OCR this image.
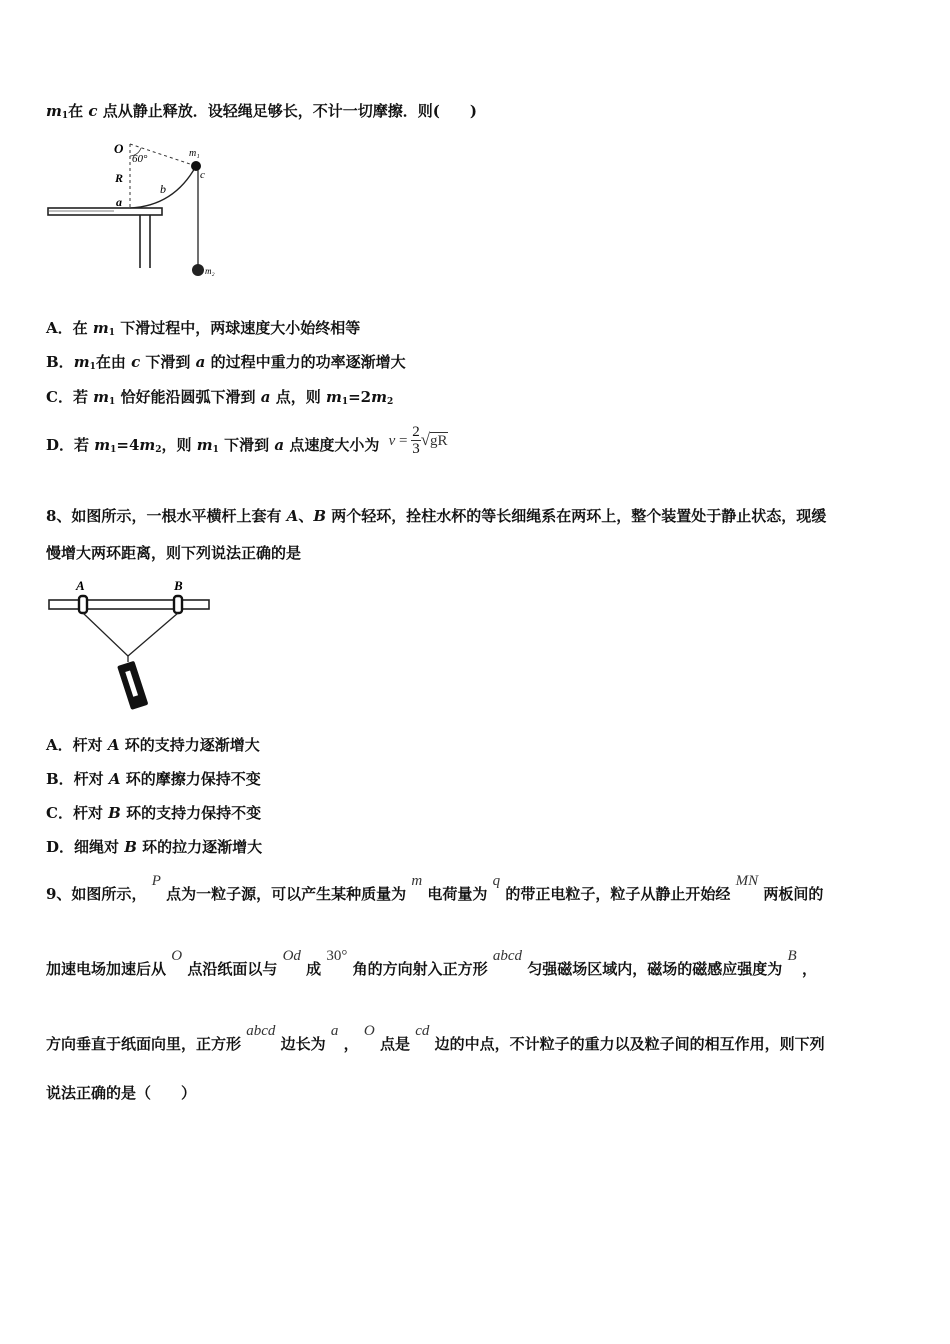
$m_1$在 c 点从静止释放．设轻绳足够长，不计一切摩擦．则(　　)
O
60°
R
b
a
m₁
c
m₂
A．在 $m_1$ 下滑过程中，两球速度大小始终相等
B．$m_1$在由 c 下滑到 a 的过程中重力的功率逐渐增大
C．若 $m_1$ 恰好能沿圆弧下滑到 a 点，则 $m_1=2m_2$
D．若 $m_1=4m_2$，则 $m_1$ 下滑到 a 点速度大小为 $v = \frac{2}{3} √gR$
8、如图所示，一根水平横杆上套有 A、B 两个轻环，拴柱水杯的等长细绳系在两环上，整个装置处于静止状态，现缓
慢增大两环距离，则下列说法正确的是
A	B
A．杆对 A 环的支持力逐渐增大
B．杆对 A 环的摩擦力保持不变
C．杆对 B 环的支持力保持不变
D．细绳对 B 环的拉力逐渐增大
9、如图所示， P 点为一粒子源，可以产生某种质量为 m 电荷量为 q 的带正电粒子，粒子从静止开始经 MN 两板间的
加速电场加速后从 O 点沿纸面以与 Od 成 30° 角的方向射入正方形 abcd 匀强磁场区域内，磁场的磁感应强度为 B ，
方向垂直于纸面向里，正方形 abcd 边长为 a ， O 点是 cd 边的中点，不计粒子的重力以及粒子间的相互作用，则下列
说法正确的是（　　）
